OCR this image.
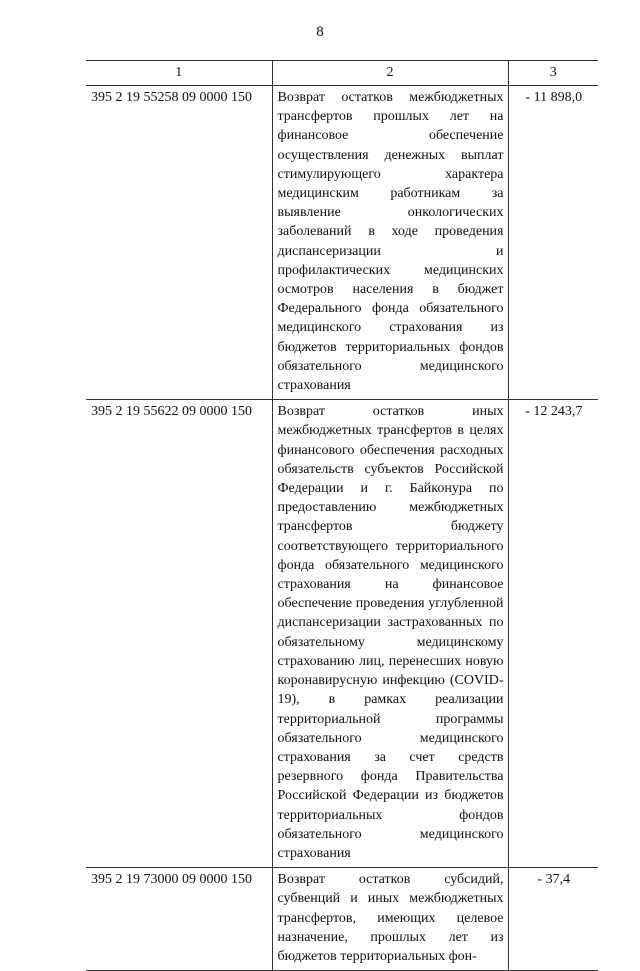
8
1	2	3
395 2 19 55258 09 0000 150	Возврат остатков межбюджетных трансфертов прошлых лет на финансовое обеспечение осуществления денежных выплат стимулирующего характера медицинским работникам за выявление онкологических заболеваний в ходе проведения диспансеризации и профилактических медицинских осмотров населения в бюджет Федерального фонда обязательного медицинского страхования из бюджетов территориальных фондов обязательного медицинского страхования	- 11 898,0
395 2 19 55622 09 0000 150	Возврат остатков иных межбюджетных трансфертов в целях финансового обеспечения расходных обязательств субъектов Российской Федерации и г. Байконура по предоставлению межбюджетных трансфертов бюджету соответствующего территориального фонда обязательного медицинского страхования на финансовое обеспечение проведения углубленной диспансеризации застрахованных по обязательному медицинскому страхованию лиц, перенесших новую коронавирусную инфекцию (COVID-19), в рамках реализации территориальной программы обязательного медицинского страхования за счет средств резервного фонда Правительства Российской Федерации из бюджетов территориальных фондов обязательного медицинского страхования	- 12 243,7
395 2 19 73000 09 0000 150	Возврат остатков субсидий, субвенций и иных межбюджетных трансфертов, имеющих целевое назначение, прошлых лет из бюджетов территориальных фон-	- 37,4
